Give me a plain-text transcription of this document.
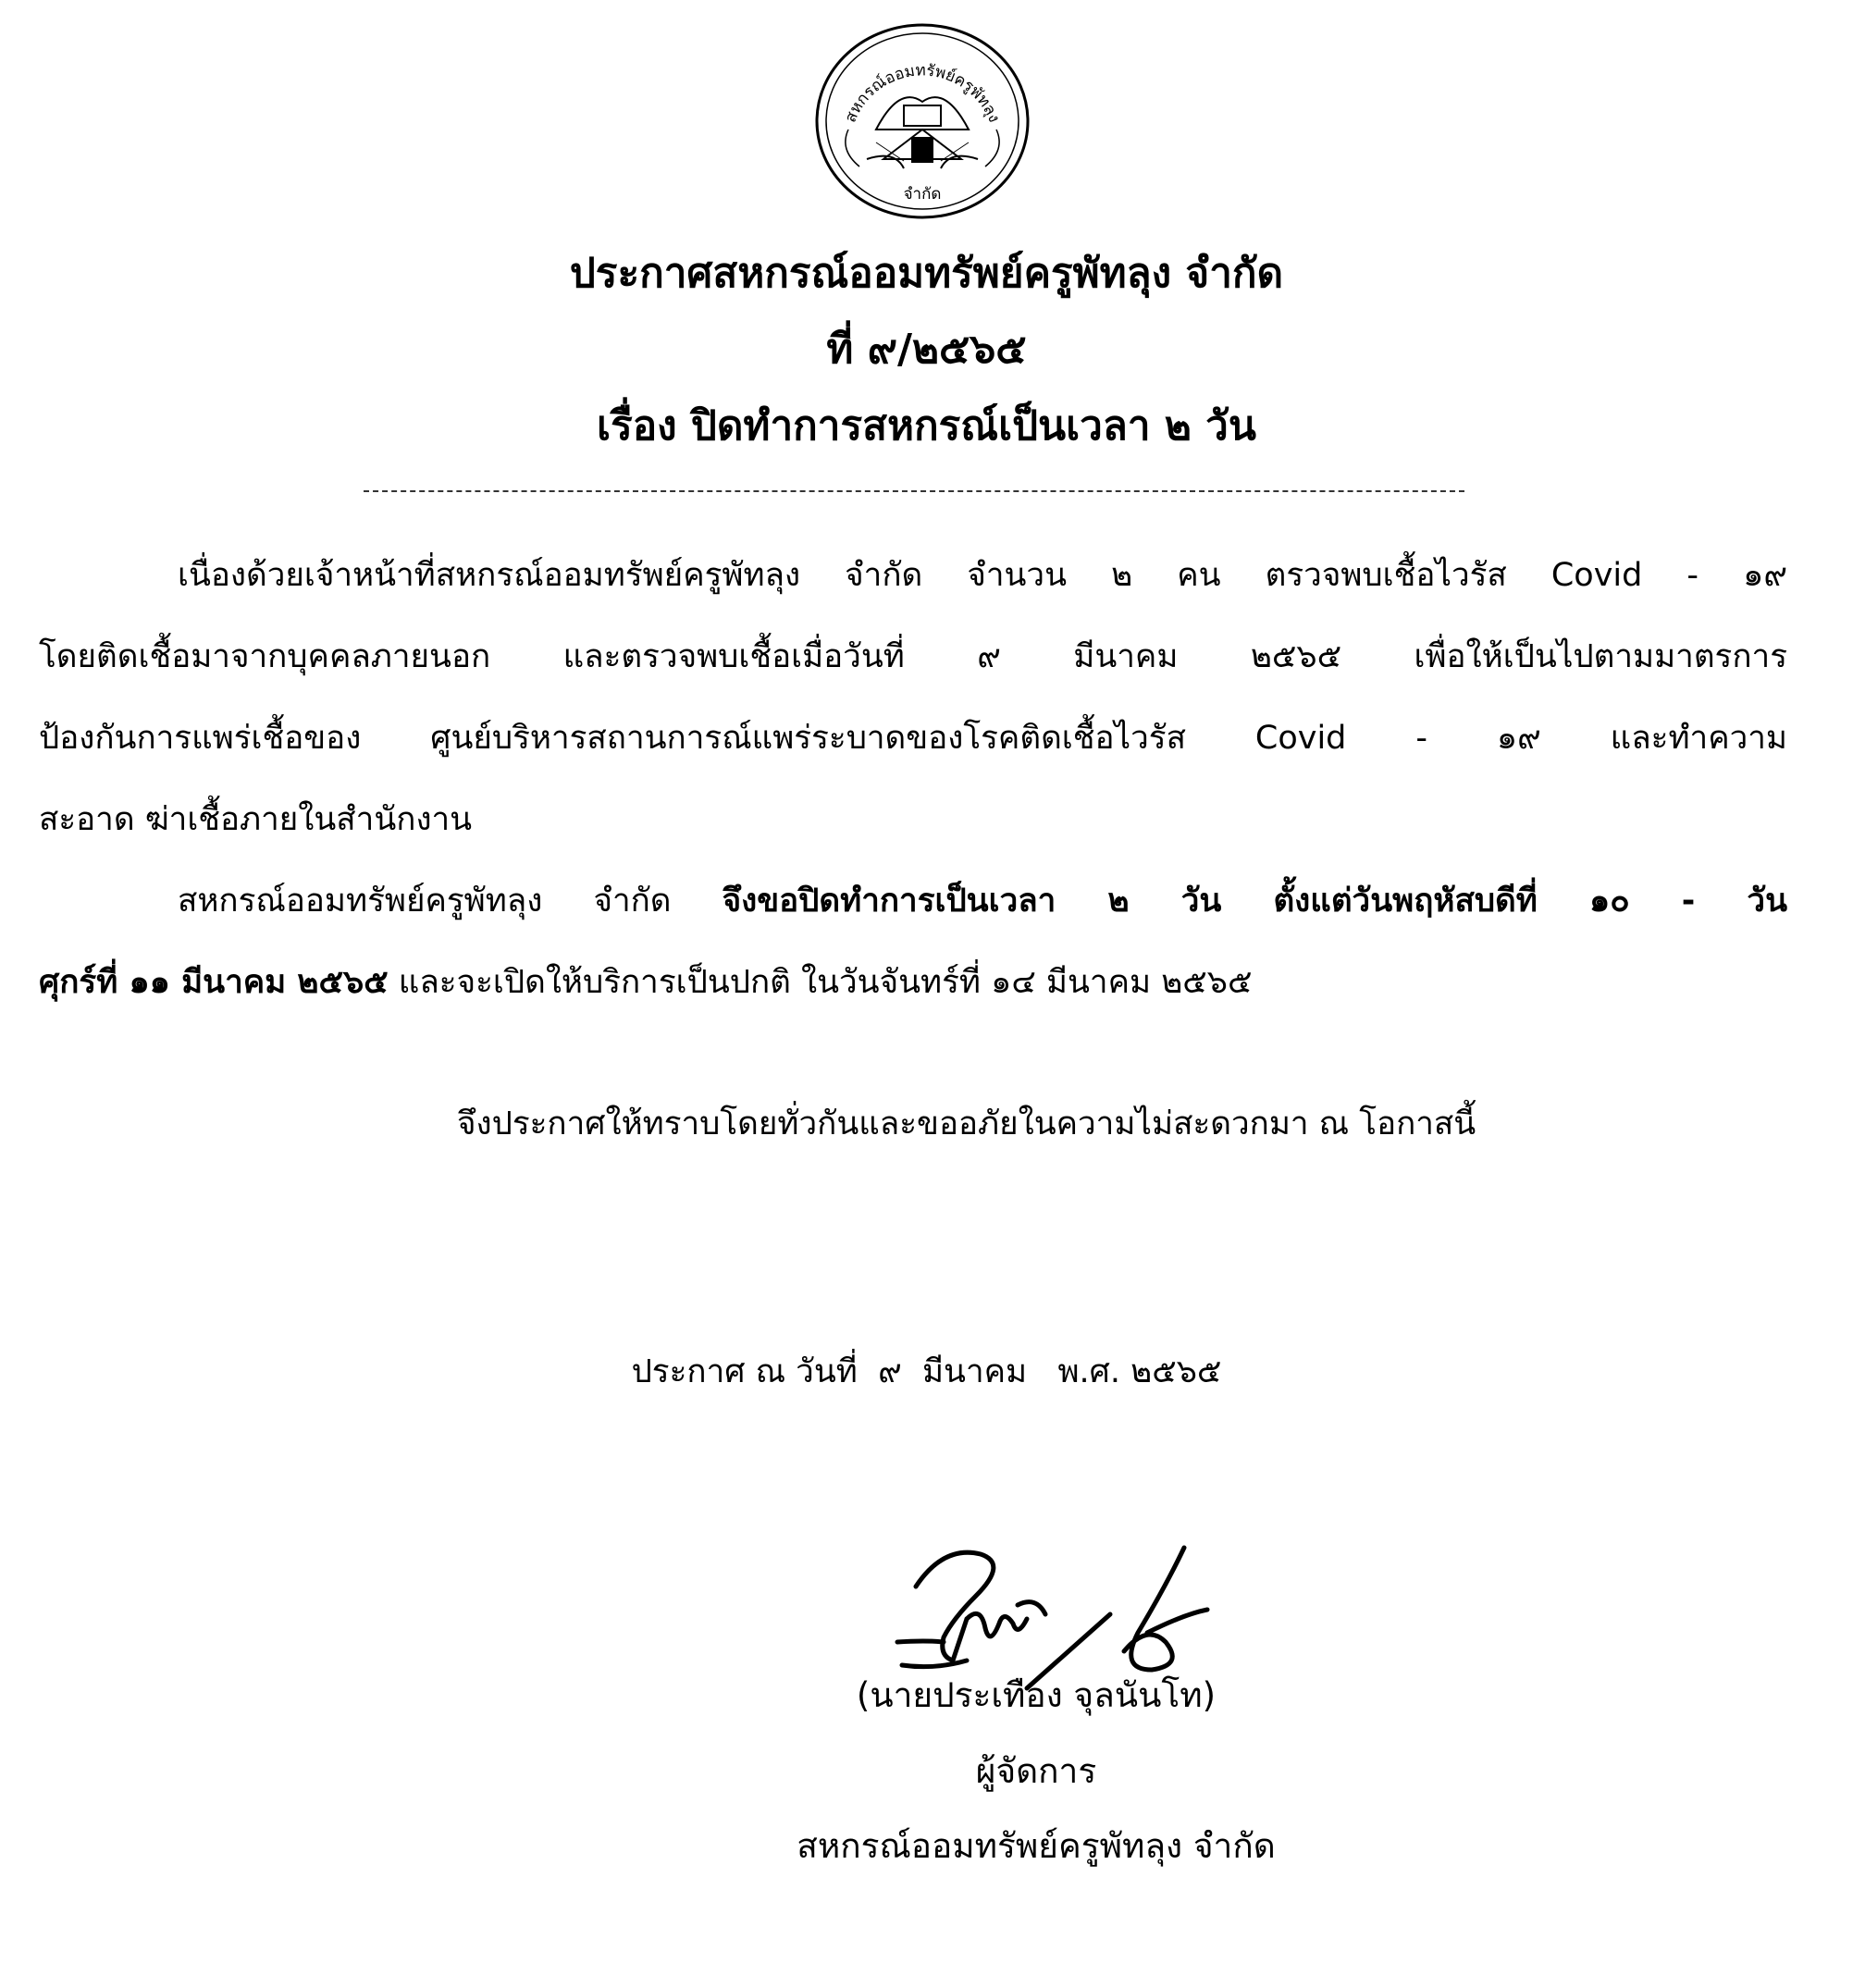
สหกรณ์ออมทรัพย์ครูพัทลุง
จำกัด
ประกาศสหกรณ์ออมทรัพย์ครูพัทลุง จำกัด
ที่ ๙/๒๕๖๕
เรื่อง ปิดทำการสหกรณ์เป็นเวลา ๒ วัน
เนื่องด้วยเจ้าหน้าที่สหกรณ์ออมทรัพย์ครูพัทลุง จำกัด จำนวน ๒ คน ตรวจพบเชื้อไวรัส Covid - ๑๙
โดยติดเชื้อมาจากบุคคลภายนอก และตรวจพบเชื้อเมื่อวันที่ ๙ มีนาคม ๒๕๖๕ เพื่อให้เป็นไปตามมาตรการ
ป้องกันการแพร่เชื้อของ ศูนย์บริหารสถานการณ์แพร่ระบาดของโรคติดเชื้อไวรัส Covid - ๑๙ และทำความ
สะอาด ฆ่าเชื้อภายในสำนักงาน
สหกรณ์ออมทรัพย์ครูพัทลุง จำกัด จึงขอปิดทำการเป็นเวลา ๒ วัน ตั้งแต่วันพฤหัสบดีที่ ๑๐ - วัน
ศุกร์ที่ ๑๑ มีนาคม ๒๕๖๕ และจะเปิดให้บริการเป็นปกติ ในวันจันทร์ที่ ๑๔ มีนาคม ๒๕๖๕
จึงประกาศให้ทราบโดยทั่วกันและขออภัยในความไม่สะดวกมา ณ โอกาสนี้
ประกาศ ณ วันที่  ๙  มีนาคม   พ.ศ. ๒๕๖๕
(นายประเทือง จุลนันโท)
ผู้จัดการ
สหกรณ์ออมทรัพย์ครูพัทลุง จำกัด
